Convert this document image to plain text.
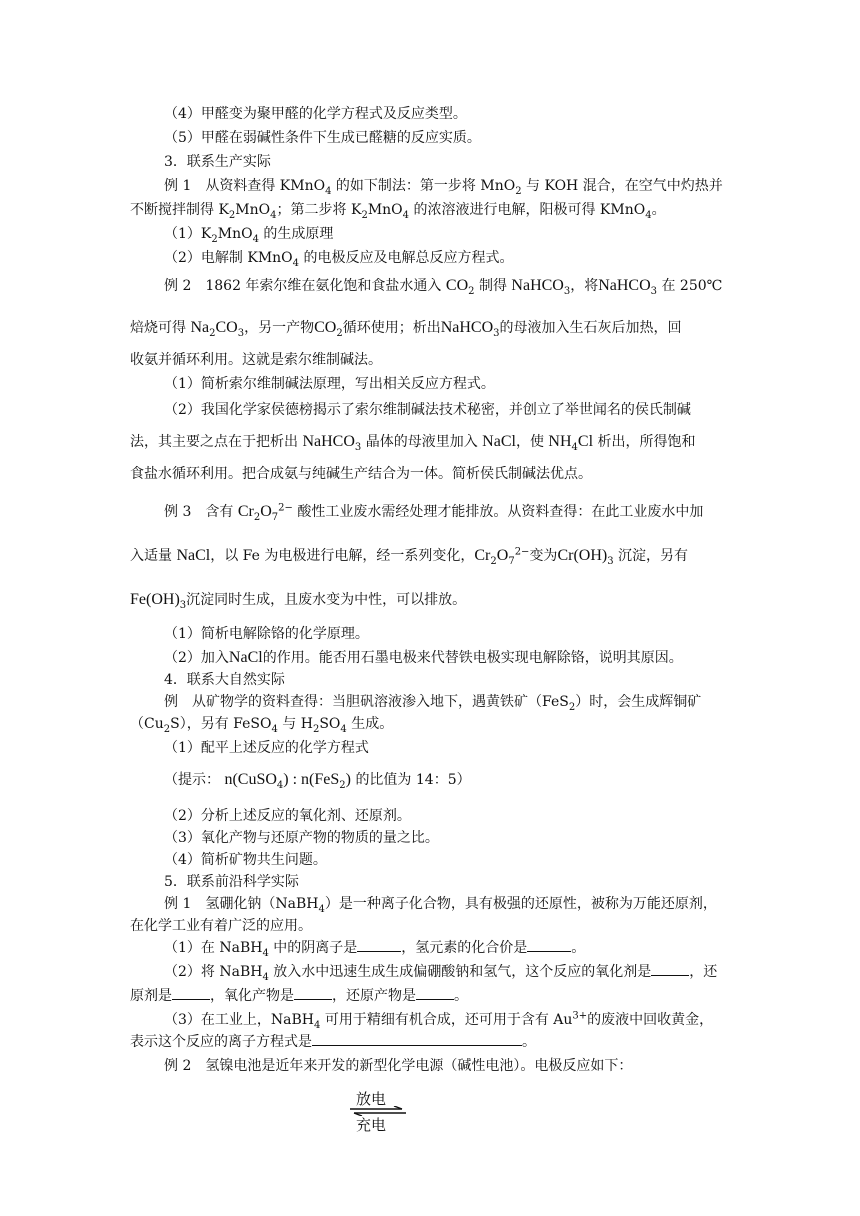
（4）甲醛变为聚甲醛的化学方程式及反应类型。
（5）甲醛在弱碱性条件下生成已醛糖的反应实质。
3．联系生产实际
例 1　从资料查得 KMnO$_4$ 的如下制法：第一步将 MnO$_2$ 与 KOH 混合，在空气中灼热并
不断搅拌制得 $K_2MnO_4$；第二步将 $K_2MnO_4$ 的浓溶液进行电解，阳极可得 KMnO$_4$。
$(1)K_2MnO_4$ 的生成原理
（2）电解制 KMnO$_4$ 的电极反应及电解总反应方程式。
例 2　1862 年索尔维在氨化饱和食盐水通入 $CO_2$ 制得 NaHCO$_3$，将NaHCO$_3$ 在 250℃
焙烧可得 $Na_2CO_3$，另一产物$CO_2$循环使用；析出NaHCO$_3$的母液加入生石灰后加热，回
收氨并循环利用。这就是索尔维制碱法。
（1）简析索尔维制碱法原理，写出相关反应方程式。
（2）我国化学家侯德榜揭示了索尔维制碱法技术秘密，并创立了举世闻名的侯氏制碱
法，其主要之点在于把析出 NaHCO$_3$ 晶体的母液里加入 NaCl，使 $NH_4Cl$ 析出，所得饱和
食盐水循环利用。把合成氨与纯碱生产结合为一体。简析侯氏制碱法优点。
例 3　含有 $Cr_2O_7^{2-}$ 酸性工业废水需经处理才能排放。从资料查得：在此工业废水中加
入适量 NaCl，以 Fe 为电极进行电解，经一系列变化，$Cr_2O_7^{2-}$变为$Cr(OH)_3$ 沉淀，另有
$Fe(OH)_3$沉淀同时生成，且废水变为中性，可以排放。
（1）简析电解除铬的化学原理。
（2）加入NaCl的作用。能否用石墨电极来代替铁电极实现电解除铬，说明其原因。
4．联系大自然实际
例　从矿物学的资料查得：当胆矾溶液渗入地下，遇黄铁矿（FeS$_2$）时，会生成辉铜矿
$(Cu_2S)$，另有 FeSO$_4$ 与 $H_2SO_4$ 生成。
（1）配平上述反应的化学方程式
（提示： n(CuSO$_4$) : n(FeS$_2$) 的比值为 14：5）
（2）分析上述反应的氧化剂、还原剂。
（3）氧化产物与还原产物的物质的量之比。
（4）简析矿物共生问题。
5．联系前沿科学实际
例 1　氢硼化钠（NaBH$_4$）是一种离子化合物，具有极强的还原性，被称为万能还原剂，
在化学工业有着广泛的应用。
（1）在 NaBH$_4$ 中的阴离子是	，氢元素的化合价是	。
（2）将 NaBH$_4$ 放入水中迅速生成生成偏硼酸钠和氢气，这个反应的氧化剂是	，还
原剂是	，氧化产物是	，还原产物是	。
（3）在工业上，NaBH$_4$ 可用于精细有机合成，还可用于含有 $Au^{3+}$的废液中回收黄金，
表示这个反应的离子方程式是	。
例 2　氢镍电池是近年来开发的新型化学电源（碱性电池）。电极反应如下：
放电
充电
